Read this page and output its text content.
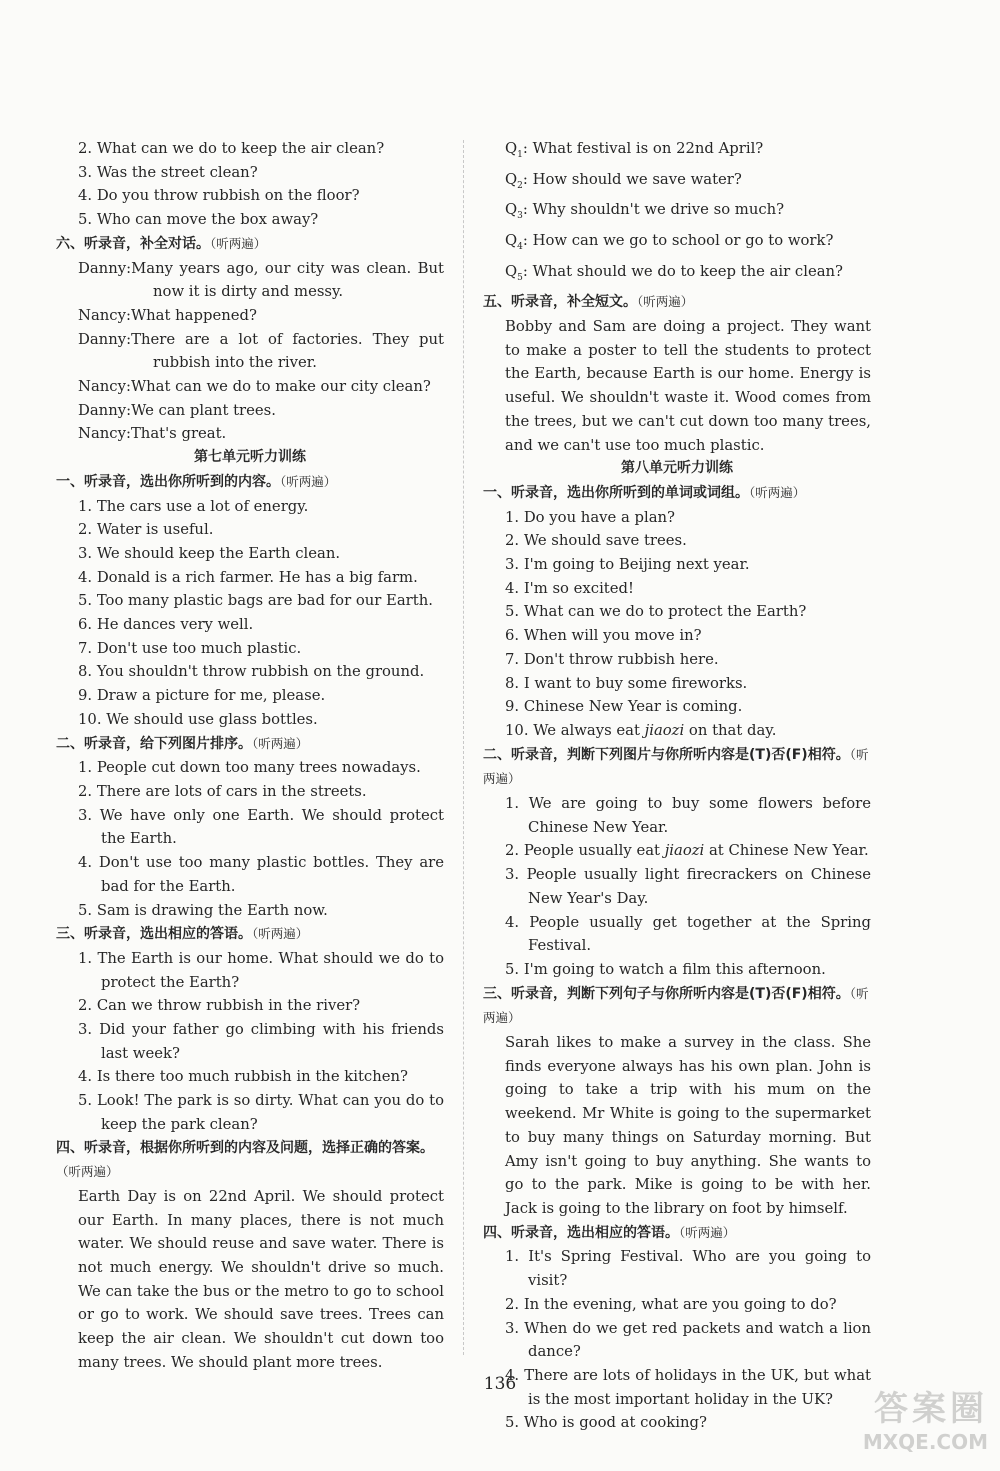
2. What can we do to keep the air clean?
3. Was the street clean?
4. Do you throw rubbish on the floor?
5. Who can move the box away?
六、听录音，补全对话。（听两遍）
Danny:Many years ago, our city was clean. But now it is dirty and messy.
Nancy:What happened?
Danny:There are a lot of factories. They put rubbish into the river.
Nancy:What can we do to make our city clean?
Danny:We can plant trees.
Nancy:That's great.
第七单元听力训练
一、听录音，选出你所听到的内容。（听两遍）
1. The cars use a lot of energy.
2. Water is useful.
3. We should keep the Earth clean.
4. Donald is a rich farmer. He has a big farm.
5. Too many plastic bags are bad for our Earth.
6. He dances very well.
7. Don't use too much plastic.
8. You shouldn't throw rubbish on the ground.
9. Draw a picture for me, please.
10. We should use glass bottles.
二、听录音，给下列图片排序。（听两遍）
1. People cut down too many trees nowadays.
2. There are lots of cars in the streets.
3. We have only one Earth. We should protect the Earth.
4. Don't use too many plastic bottles. They are bad for the Earth.
5. Sam is drawing the Earth now.
三、听录音，选出相应的答语。（听两遍）
1. The Earth is our home. What should we do to protect the Earth?
2. Can we throw rubbish in the river?
3. Did your father go climbing with his friends last week?
4. Is there too much rubbish in the kitchen?
5. Look! The park is so dirty. What can you do to keep the park clean?
四、听录音，根据你所听到的内容及问题，选择正确的答案。（听两遍）
Earth Day is on 22nd April. We should protect our Earth. In many places, there is not much water. We should reuse and save water. There is not much energy. We shouldn't drive so much. We can take the bus or the metro to go to school or go to work. We should save trees. Trees can keep the air clean. We shouldn't cut down too many trees. We should plant more trees.
$Q_1$: What festival is on 22nd April?
$Q_2$: How should we save water?
$Q_3$: Why shouldn't we drive so much?
$Q_4$: How can we go to school or go to work?
$Q_5$: What should we do to keep the air clean?
五、听录音，补全短文。（听两遍）
Bobby and Sam are doing a project. They want to make a poster to tell the students to protect the Earth, because Earth is our home. Energy is useful. We shouldn't waste it. Wood comes from the trees, but we can't cut down too many trees, and we can't use too much plastic.
第八单元听力训练
一、听录音，选出你所听到的单词或词组。（听两遍）
1. Do you have a plan?
2. We should save trees.
3. I'm going to Beijing next year.
4. I'm so excited!
5. What can we do to protect the Earth?
6. When will you move in?
7. Don't throw rubbish here.
8. I want to buy some fireworks.
9. Chinese New Year is coming.
10. We always eat jiaozi on that day.
二、听录音，判断下列图片与你所听内容是(T)否(F)相符。（听两遍）
1. We are going to buy some flowers before Chinese New Year.
2. People usually eat jiaozi at Chinese New Year.
3. People usually light firecrackers on Chinese New Year's Day.
4. People usually get together at the Spring Festival.
5. I'm going to watch a film this afternoon.
三、听录音，判断下列句子与你所听内容是(T)否(F)相符。（听两遍）
Sarah likes to make a survey in the class. She finds everyone always has his own plan. John is going to take a trip with his mum on the weekend. Mr White is going to the supermarket to buy many things on Saturday morning. But Amy isn't going to buy anything. She wants to go to the park. Mike is going to be with her. Jack is going to the library on foot by himself.
四、听录音，选出相应的答语。（听两遍）
1. It's Spring Festival. Who are you going to visit?
2. In the evening, what are you going to do?
3. When do we get red packets and watch a lion dance?
4. There are lots of holidays in the UK, but what is the most important holiday in the UK?
5. Who is good at cooking?
136
答案圈
MXQE.COM
